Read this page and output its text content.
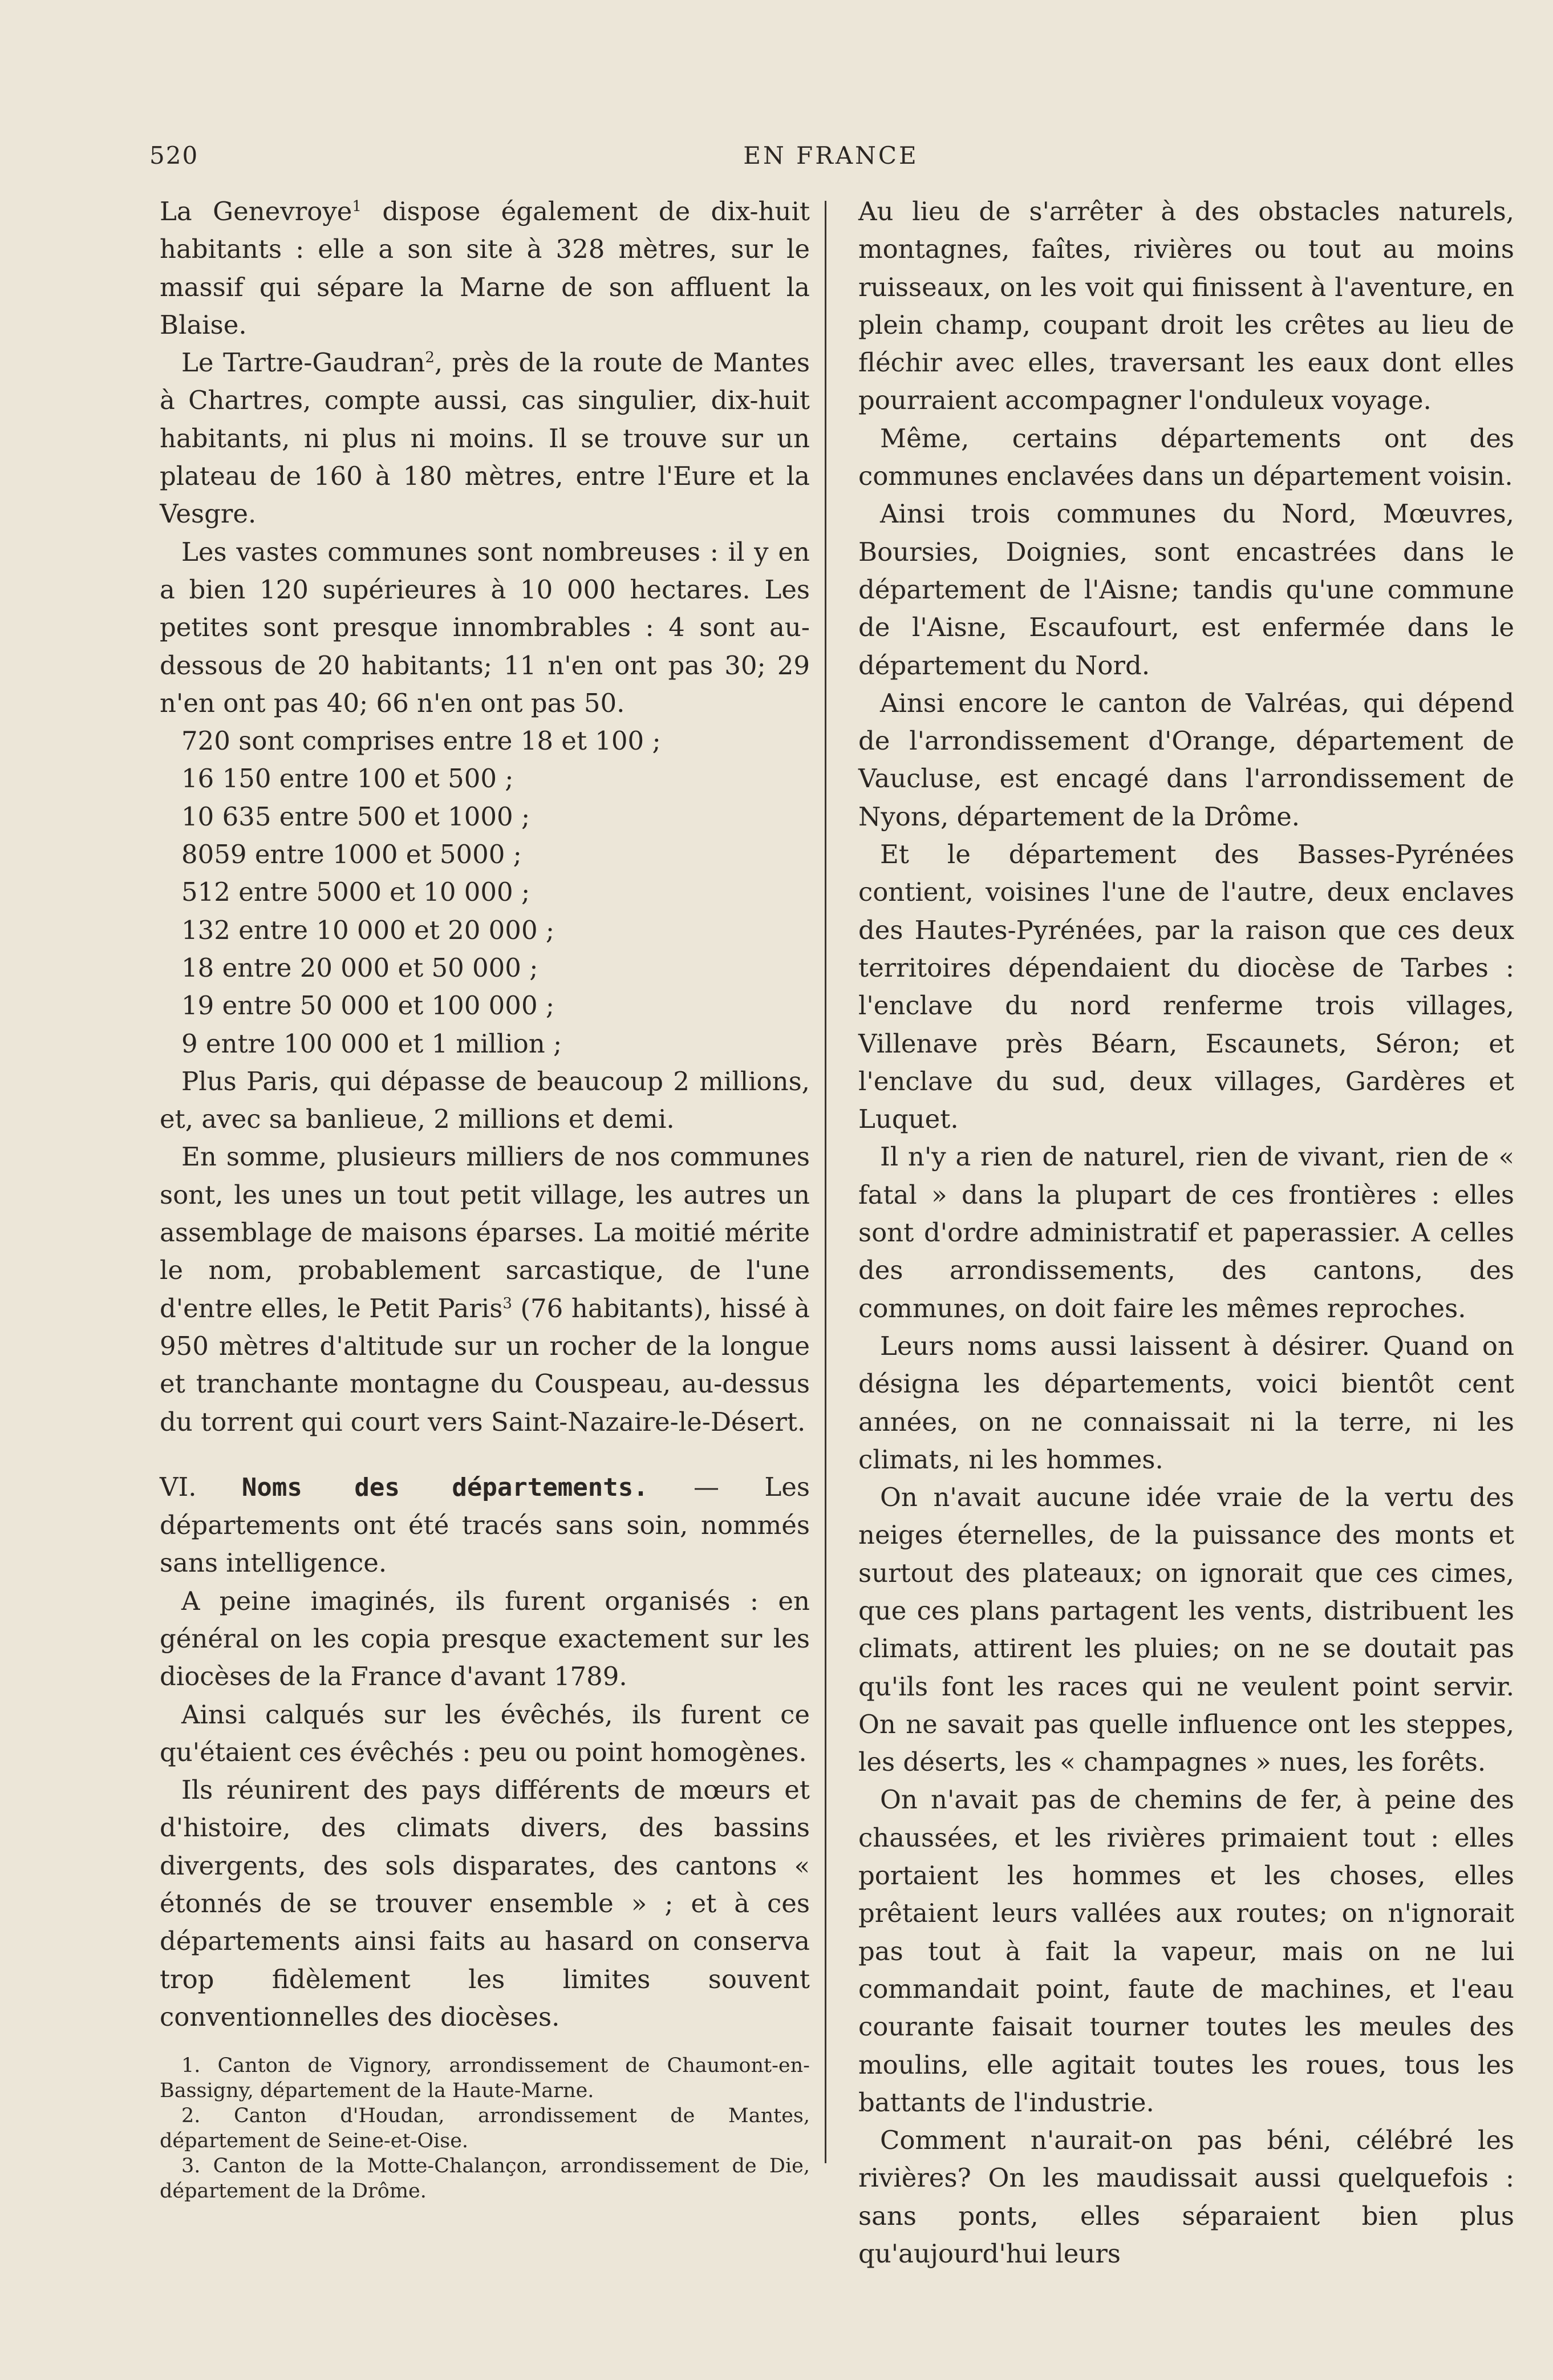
520	EN FRANCE

La Genevroye$^1$ dispose également de dix-huit habitants : elle a son site à 328 mètres, sur le massif qui sépare la Marne de son affluent la Blaise.

Le Tartre-Gaudran$^2$, près de la route de Mantes à Chartres, compte aussi, cas singulier, dix-huit habitants, ni plus ni moins. Il se trouve sur un plateau de 160 à 180 mètres, entre l'Eure et la Vesgre.

Les vastes communes sont nombreuses : il y en a bien 120 supérieures à 10 000 hectares. Les petites sont presque innombrables : 4 sont au-dessous de 20 habitants; 11 n'en ont pas 30; 29 n'en ont pas 40; 66 n'en ont pas 50.

720 sont comprises entre 18 et 100 ;

16 150 entre 100 et 500 ;

10 635 entre 500 et 1000 ;

8059 entre 1000 et 5000 ;

512 entre 5000 et 10 000 ;

132 entre 10 000 et 20 000 ;

18 entre 20 000 et 50 000 ;

19 entre 50 000 et 100 000 ;

9 entre 100 000 et 1 million ;

Plus Paris, qui dépasse de beaucoup 2 millions, et, avec sa banlieue, 2 millions et demi.

En somme, plusieurs milliers de nos communes sont, les unes un tout petit village, les autres un assemblage de maisons éparses. La moitié mérite le nom, probablement sarcastique, de l'une d'entre elles, le Petit Paris$^3$ (76 habitants), hissé à 950 mètres d'altitude sur un rocher de la longue et tranchante montagne du Couspeau, au-dessus du torrent qui court vers Saint-Nazaire-le-Désert.

VI. Noms des départements. — Les départements ont été tracés sans soin, nommés sans intelligence.

A peine imaginés, ils furent organisés : en général on les copia presque exactement sur les diocèses de la France d'avant 1789.

Ainsi calqués sur les évêchés, ils furent ce qu'étaient ces évêchés : peu ou point homogènes.

Ils réunirent des pays différents de mœurs et d'histoire, des climats divers, des bassins divergents, des sols disparates, des cantons « étonnés de se trouver ensemble » ; et à ces départements ainsi faits au hasard on conserva trop fidèlement les limites souvent conventionnelles des diocèses.

1. Canton de Vignory, arrondissement de Chaumont-en-Bassigny, département de la Haute-Marne.

2. Canton d'Houdan, arrondissement de Mantes, département de Seine-et-Oise.

3. Canton de la Motte-Chalançon, arrondissement de Die, département de la Drôme.

Au lieu de s'arrêter à des obstacles naturels, montagnes, faîtes, rivières ou tout au moins ruisseaux, on les voit qui finissent à l'aventure, en plein champ, coupant droit les crêtes au lieu de fléchir avec elles, traversant les eaux dont elles pourraient accompagner l'onduleux voyage.

Même, certains départements ont des communes enclavées dans un département voisin.

Ainsi trois communes du Nord, Mœuvres, Boursies, Doignies, sont encastrées dans le département de l'Aisne; tandis qu'une commune de l'Aisne, Escaufourt, est enfermée dans le département du Nord.

Ainsi encore le canton de Valréas, qui dépend de l'arrondissement d'Orange, département de Vaucluse, est encagé dans l'arrondissement de Nyons, département de la Drôme.

Et le département des Basses-Pyrénées contient, voisines l'une de l'autre, deux enclaves des Hautes-Pyrénées, par la raison que ces deux territoires dépendaient du diocèse de Tarbes : l'enclave du nord renferme trois villages, Villenave près Béarn, Escaunets, Séron; et l'enclave du sud, deux villages, Gardères et Luquet.

Il n'y a rien de naturel, rien de vivant, rien de « fatal » dans la plupart de ces frontières : elles sont d'ordre administratif et paperassier. A celles des arrondissements, des cantons, des communes, on doit faire les mêmes reproches.

Leurs noms aussi laissent à désirer. Quand on désigna les départements, voici bientôt cent années, on ne connaissait ni la terre, ni les climats, ni les hommes.

On n'avait aucune idée vraie de la vertu des neiges éternelles, de la puissance des monts et surtout des plateaux; on ignorait que ces cimes, que ces plans partagent les vents, distribuent les climats, attirent les pluies; on ne se doutait pas qu'ils font les races qui ne veulent point servir. On ne savait pas quelle influence ont les steppes, les déserts, les « champagnes » nues, les forêts.

On n'avait pas de chemins de fer, à peine des chaussées, et les rivières primaient tout : elles portaient les hommes et les choses, elles prêtaient leurs vallées aux routes; on n'ignorait pas tout à fait la vapeur, mais on ne lui commandait point, faute de machines, et l'eau courante faisait tourner toutes les meules des moulins, elle agitait toutes les roues, tous les battants de l'industrie.

Comment n'aurait-on pas béni, célébré les rivières? On les maudissait aussi quelquefois : sans ponts, elles séparaient bien plus qu'aujourd'hui leurs
